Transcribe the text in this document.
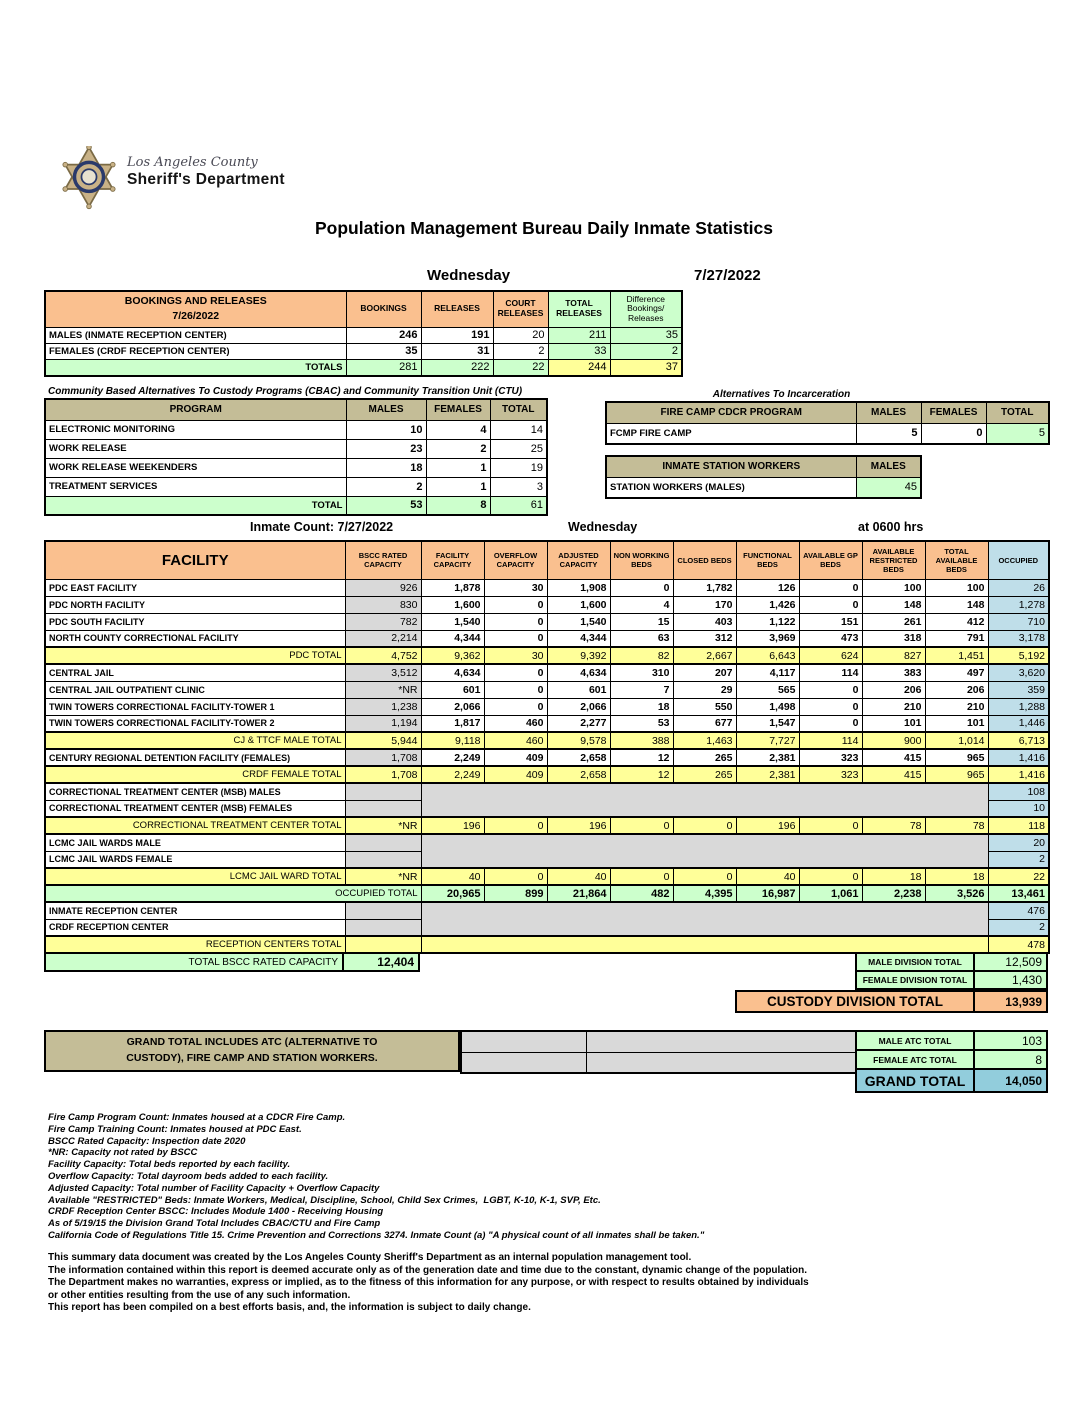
Los Angeles County
Sheriff's Department
Population Management Bureau Daily Inmate Statistics
Wednesday	7/27/2022
BOOKINGS AND RELEASES
7/26/2022	BOOKINGS	RELEASES	COURT RELEASES	TOTAL RELEASES	Difference Bookings/ Releases
MALES (INMATE RECEPTION CENTER)	246	191	20	211	35
FEMALES (CRDF RECEPTION CENTER)	35	31	2	33	2
TOTALS	281	222	22	244	37
Community Based Alternatives To Custody Programs (CBAC) and Community Transition Unit (CTU)
PROGRAM	MALES	FEMALES	TOTAL
ELECTRONIC MONITORING	10	4	14
WORK RELEASE	23	2	25
WORK RELEASE WEEKENDERS	18	1	19
TREATMENT SERVICES	2	1	3
TOTAL	53	8	61
Alternatives To Incarceration
FIRE CAMP CDCR PROGRAM	MALES	FEMALES	TOTAL
FCMP FIRE CAMP	5	0	5
INMATE STATION WORKERS	MALES
STATION WORKERS (MALES)	45
Inmate Count: 7/27/2022	Wednesday	at 0600 hrs
FACILITY	BSCC RATED CAPACITY	FACILITY CAPACITY	OVERFLOW CAPACITY	ADJUSTED CAPACITY	NON WORKING BEDS	CLOSED BEDS	FUNCTIONAL BEDS	AVAILABLE GP BEDS	AVAILABLE RESTRICTED BEDS	TOTAL AVAILABLE BEDS	OCCUPIED
PDC EAST FACILITY	926	1,878	30	1,908	0	1,782	126	0	100	100	26
PDC NORTH FACILITY	830	1,600	0	1,600	4	170	1,426	0	148	148	1,278
PDC SOUTH FACILITY	782	1,540	0	1,540	15	403	1,122	151	261	412	710
NORTH COUNTY CORRECTIONAL FACILITY	2,214	4,344	0	4,344	63	312	3,969	473	318	791	3,178
PDC TOTAL	4,752	9,362	30	9,392	82	2,667	6,643	624	827	1,451	5,192
CENTRAL JAIL	3,512	4,634	0	4,634	310	207	4,117	114	383	497	3,620
CENTRAL JAIL OUTPATIENT CLINIC	*NR	601	0	601	7	29	565	0	206	206	359
TWIN TOWERS CORRECTIONAL FACILITY-TOWER 1	1,238	2,066	0	2,066	18	550	1,498	0	210	210	1,288
TWIN TOWERS CORRECTIONAL FACILITY-TOWER 2	1,194	1,817	460	2,277	53	677	1,547	0	101	101	1,446
CJ & TTCF MALE TOTAL	5,944	9,118	460	9,578	388	1,463	7,727	114	900	1,014	6,713
CENTURY REGIONAL DETENTION FACILITY (FEMALES)	1,708	2,249	409	2,658	12	265	2,381	323	415	965	1,416
CRDF FEMALE TOTAL	1,708	2,249	409	2,658	12	265	2,381	323	415	965	1,416
CORRECTIONAL TREATMENT CENTER (MSB) MALES											108
CORRECTIONAL TREATMENT CENTER (MSB) FEMALES											10
CORRECTIONAL TREATMENT CENTER TOTAL	*NR	196	0	196	0	0	196	0	78	78	118
LCMC JAIL WARDS MALE											20
LCMC JAIL WARDS FEMALE											2
LCMC JAIL WARD TOTAL	*NR	40	0	40	0	0	40	0	18	18	22
OCCUPIED TOTAL		20,965	899	21,864	482	4,395	16,987	1,061	2,238	3,526	13,461
INMATE RECEPTION CENTER											476
CRDF RECEPTION CENTER											2
RECEPTION CENTERS TOTAL											478
TOTAL BSCC RATED CAPACITY	12,404	MALE DIVISION TOTAL	12,509
FEMALE DIVISION TOTAL	1,430
CUSTODY DIVISION TOTAL	13,939
GRAND TOTAL INCLUDES ATC (ALTERNATIVE TO
CUSTODY), FIRE CAMP AND STATION WORKERS.

MALE ATC TOTAL	103
FEMALE ATC TOTAL	8
GRAND TOTAL	14,050
Fire Camp Program Count: Inmates housed at a CDCR Fire Camp.
Fire Camp Training Count: Inmates housed at PDC East.
BSCC Rated Capacity: Inspection date 2020
*NR: Capacity not rated by BSCC
Facility Capacity: Total beds reported by each facility.
Overflow Capacity: Total dayroom beds added to each facility.
Adjusted Capacity: Total number of Facility Capacity + Overflow Capacity
Available "RESTRICTED" Beds: Inmate Workers, Medical, Discipline, School, Child Sex Crimes,  LGBT, K-10, K-1, SVP, Etc.
CRDF Reception Center BSCC: Includes Module 1400 - Receiving Housing
As of 5/19/15 the Division Grand Total Includes CBAC/CTU and Fire Camp
California Code of Regulations Title 15. Crime Prevention and Corrections 3274. Inmate Count (a) "A physical count of all inmates shall be taken."
This summary data document was created by the Los Angeles County Sheriff's Department as an internal population management tool.
The information contained within this report is deemed accurate only as of the generation date and time due to the constant, dynamic change of the population.
The Department makes no warranties, express or implied, as to the fitness of this information for any purpose, or with respect to results obtained by individuals
or other entities resulting from the use of any such information.
This report has been compiled on a best efforts basis, and, the information is subject to daily change.
